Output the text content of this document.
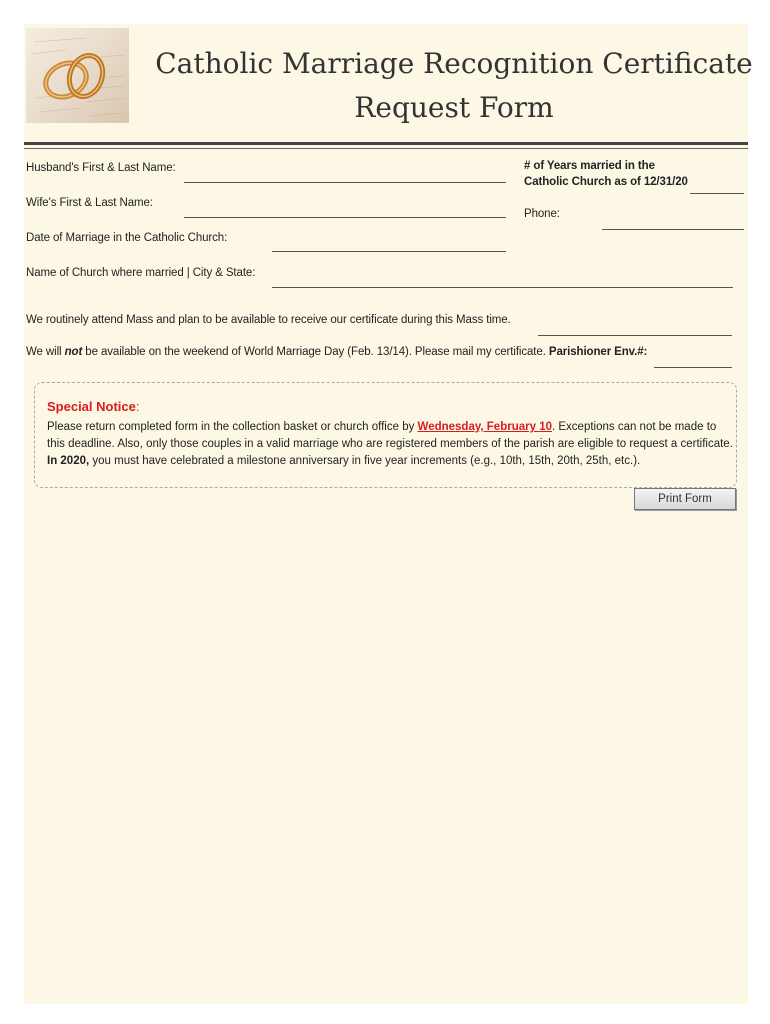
Catholic Marriage Recognition Certificate
Request Form
Husband's First & Last Name:
Wife's First & Last Name:
Date of Marriage in the Catholic Church:
Name of Church where married | City & State:
# of Years married in the
Catholic Church as of 12/31/20
Phone:
We routinely attend Mass and plan to be available to receive our certificate during this Mass time.
We will not be available on the weekend of World Marriage Day (Feb. 13/14). Please mail my certificate. Parishioner Env.#:
Special Notice:
Please return completed form in the collection basket or church office by Wednesday, February 10. Exceptions can not be made to this deadline. Also, only those couples in a valid marriage who are registered members of the parish are eligible to request a certificate.
In 2020, you must have celebrated a milestone anniversary in five year increments (e.g., 10th, 15th, 20th, 25th, etc.).
Print Form
